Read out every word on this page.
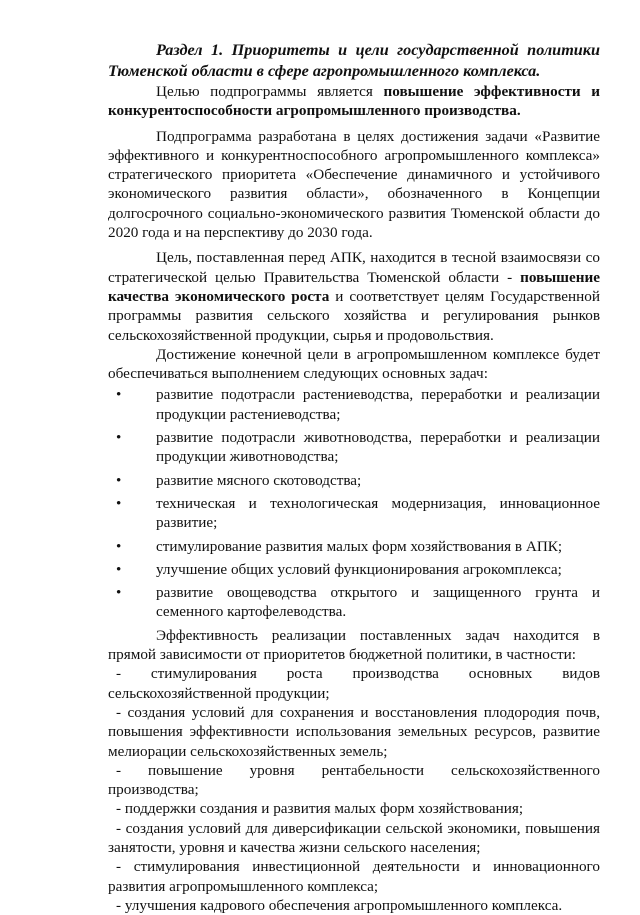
Раздел 1. Приоритеты и цели государственной политики Тюменской области в сфере агропромышленного комплекса.

Целью подпрограммы является повышение эффективности и конкурентоспособности агропромышленного производства.

Подпрограмма разработана в целях достижения задачи «Развитие эффективного и конкурентноспособного агропромышленного комплекса» стратегического приоритета «Обеспечение динамичного и устойчивого экономического развития области», обозначенного в Концепции долгосрочного социально-экономического развития Тюменской области до 2020 года и на перспективу до 2030 года.

Цель, поставленная перед АПК, находится в тесной взаимосвязи со стратегической целью Правительства Тюменской области - повышение качества экономического роста и соответствует целям Государственной программы развития сельского хозяйства и регулирования рынков сельскохозяйственной продукции, сырья и продовольствия.

Достижение конечной цели в агропромышленном комплексе будет обеспечиваться выполнением следующих основных задач:

•	развитие подотрасли растениеводства, переработки и реализации продукции растениеводства;
•	развитие подотрасли животноводства, переработки и реализации продукции животноводства;
•	развитие мясного скотоводства;
•	техническая и технологическая модернизация, инновационное развитие;
•	стимулирование развития малых форм хозяйствования в АПК;
•	улучшение общих условий функционирования агрокомплекса;
•	развитие овощеводства открытого и защищенного грунта и семенного картофелеводства.

Эффективность реализации поставленных задач находится в прямой зависимости от приоритетов бюджетной политики, в частности:

- стимулирования роста производства основных видов сельскохозяйственной продукции;

- создания условий для сохранения и восстановления плодородия почв, повышения эффективности использования земельных ресурсов, развитие мелиорации сельскохозяйственных земель;

- повышение уровня рентабельности сельскохозяйственного производства;

- поддержки создания и развития малых форм хозяйствования;

- создания условий для диверсификации сельской экономики, повышения занятости, уровня и качества жизни сельского населения;

- стимулирования инвестиционной деятельности и инновационного развития агропромышленного комплекса;

- улучшения кадрового обеспечения агропромышленного комплекса.
